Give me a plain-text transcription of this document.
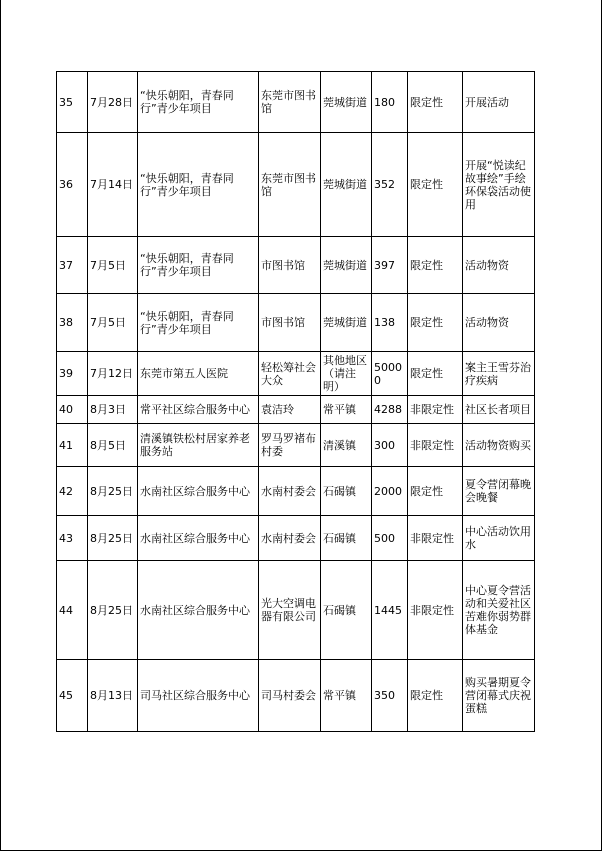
35	7月28日	“快乐朝阳，青春同行”青少年项目	东莞市图书馆	莞城街道	180	限定性	开展活动
36	7月14日	“快乐朝阳，青春同行”青少年项目	东莞市图书馆	莞城街道	352	限定性	开展“悦读纪故事绘”手绘环保袋活动使用
37	7月5日	“快乐朝阳，青春同行”青少年项目	市图书馆	莞城街道	397	限定性	活动物资
38	7月5日	“快乐朝阳，青春同行”青少年项目	市图书馆	莞城街道	138	限定性	活动物资
39	7月12日	东莞市第五人医院	轻松筹社会大众	其他地区（请注明）	50000	限定性	案主王雪芬治疗疾病
40	8月3日	常平社区综合服务中心	袁洁玲	常平镇	4288	非限定性	社区长者项目
41	8月5日	清溪镇铁松村居家养老服务站	罗马罗褚布村委	清溪镇	300	非限定性	活动物资购买
42	8月25日	水南社区综合服务中心	水南村委会	石碣镇	2000	限定性	夏令营闭幕晚会晚餐
43	8月25日	水南社区综合服务中心	水南村委会	石碣镇	500	非限定性	中心活动饮用水
44	8月25日	水南社区综合服务中心	光大空调电器有限公司	石碣镇	1445	非限定性	中心夏令营活动和关爱社区苦难你弱势群体基金
45	8月13日	司马社区综合服务中心	司马村委会	常平镇	350	限定性	购买暑期夏令营闭幕式庆祝蛋糕
